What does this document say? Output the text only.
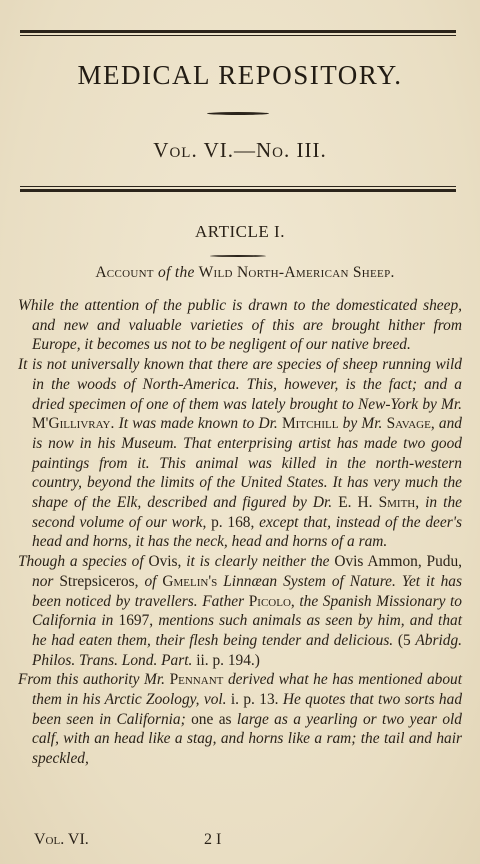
MEDICAL REPOSITORY.
Vol. VI.—No. III.
ARTICLE I.
Account of the Wild North-American Sheep.

While the attention of the public is drawn to the domesticated sheep, and new and valuable varieties of this are brought hither from Europe, it becomes us not to be negligent of our native breed.

It is not universally known that there are species of sheep running wild in the woods of North-America. This, however, is the fact; and a dried specimen of one of them was lately brought to New-York by Mr. M'Gillivray. It was made known to Dr. Mitchill by Mr. Savage, and is now in his Museum. That enterprising artist has made two good paintings from it. This animal was killed in the north-western country, beyond the limits of the United States. It has very much the shape of the Elk, described and figured by Dr. E. H. Smith, in the second volume of our work, p. 168, except that, instead of the deer's head and horns, it has the neck, head and horns of a ram.

Though a species of Ovis, it is clearly neither the Ovis Ammon, Pudu, nor Strepsiceros, of Gmelin's Linnæan System of Nature. Yet it has been noticed by travellers. Father Picolo, the Spanish Missionary to California in 1697, mentions such animals as seen by him, and that he had eaten them, their flesh being tender and delicious. (5 Abridg. Philos. Trans. Lond. Part. ii. p. 194.)

From this authority Mr. Pennant derived what he has mentioned about them in his Arctic Zoology, vol. i. p. 13. He quotes that two sorts had been seen in California; one as large as a yearling or two year old calf, with an head like a stag, and horns like a ram; the tail and hair speckled,

Vol. VI.	2 I
